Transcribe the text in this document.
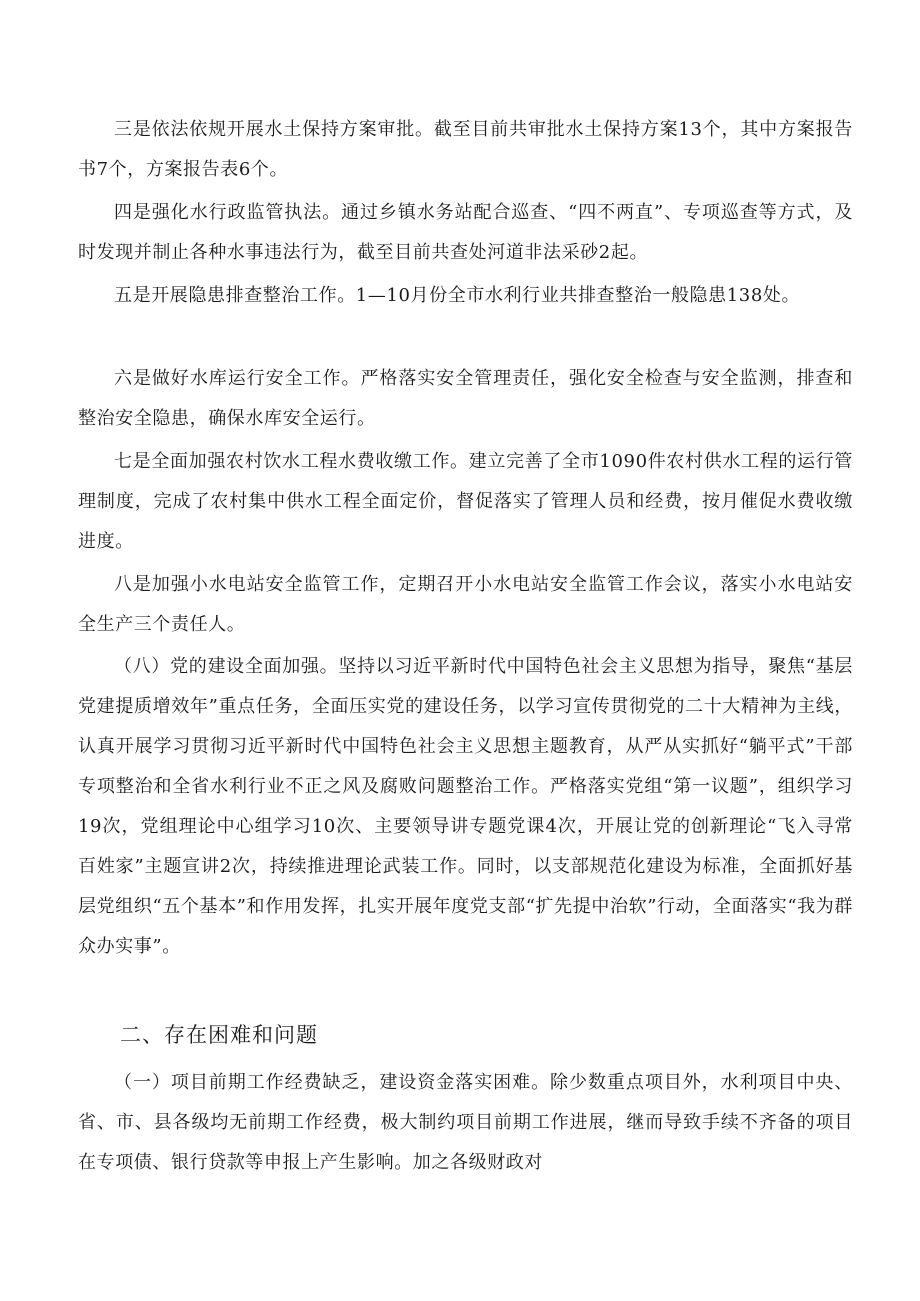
三是依法依规开展水土保持方案审批。截至目前共审批水土保持方案13个，其中方案报告书7个，方案报告表6个。

四是强化水行政监管执法。通过乡镇水务站配合巡查、“四不两直”、专项巡查等方式，及时发现并制止各种水事违法行为，截至目前共查处河道非法采砂2起。

五是开展隐患排查整治工作。1—10月份全市水利行业共排查整治一般隐患138处。

六是做好水库运行安全工作。严格落实安全管理责任，强化安全检查与安全监测，排查和整治安全隐患，确保水库安全运行。

七是全面加强农村饮水工程水费收缴工作。建立完善了全市1090件农村供水工程的运行管理制度，完成了农村集中供水工程全面定价，督促落实了管理人员和经费，按月催促水费收缴进度。

八是加强小水电站安全监管工作，定期召开小水电站安全监管工作会议，落实小水电站安全生产三个责任人。

（八）党的建设全面加强。坚持以习近平新时代中国特色社会主义思想为指导，聚焦“基层党建提质增效年”重点任务，全面压实党的建设任务，以学习宣传贯彻党的二十大精神为主线，认真开展学习贯彻习近平新时代中国特色社会主义思想主题教育，从严从实抓好“躺平式”干部专项整治和全省水利行业不正之风及腐败问题整治工作。严格落实党组“第一议题”，组织学习19次，党组理论中心组学习10次、主要领导讲专题党课4次，开展让党的创新理论“飞入寻常百姓家”主题宣讲2次，持续推进理论武装工作。同时，以支部规范化建设为标准，全面抓好基层党组织“五个基本”和作用发挥，扎实开展年度党支部“扩先提中治软”行动，全面落实“我为群众办实事”。

二、存在困难和问题

（一）项目前期工作经费缺乏，建设资金落实困难。除少数重点项目外，水利项目中央、省、市、县各级均无前期工作经费，极大制约项目前期工作进展，继而导致手续不齐备的项目在专项债、银行贷款等申报上产生影响。加之各级财政对
